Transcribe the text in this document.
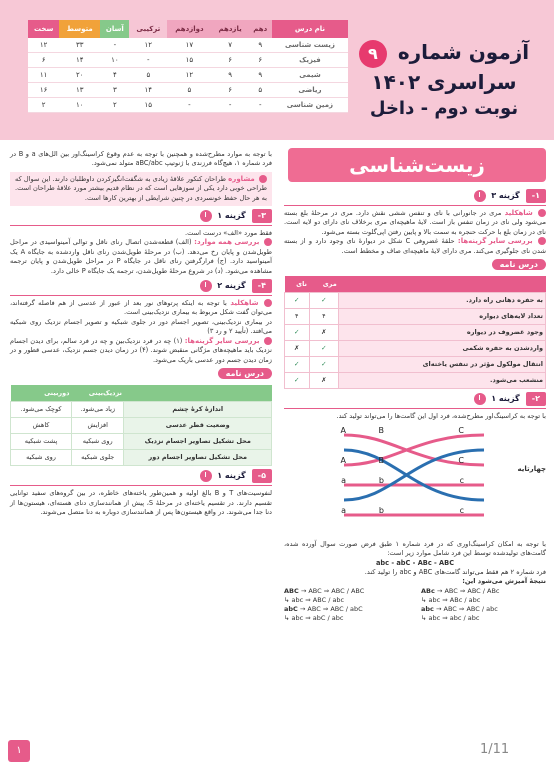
نام درس	دهم	یازدهم	دوازدهم	ترکیبی	آسان	متوسط	سخت
زیست شناسی	۹	۷	۱۷	۱۲	-	۳۳	۱۲
فیزیک	۶	۶	۱۵	-	۱۰	۱۴	۶
شیمی	۹	۹	۱۲	۵	۴	۲۰	۱۱
ریاضی	۵	۶	۵	۱۴	۳	۱۳	۱۶
زمین شناسی	-	-	-	۱۵	۲	۱۰	۲
آزمون شماره ۹
سراسری ۱۴۰۲
نوبت دوم - داخل
زیست‌شناسی
۱- گزینه ۳
شاهکلید مری در جانورانی با نای و تنفس ششی نقش دارد. مری در مرحلهٔ بلع بسته می‌شود ولی نای در زمان تنفس باز است. لایهٔ ماهیچه‌ای مری برخلاف نای دارای دو لایه است. نای در زمان بلع با حرکت حنجره به سمت بالا و پایین رفتن اپی‌گلوت بسته می‌شود.
بررسی سایر گزینه‌ها: حلقهٔ غضروفی C شکل در دیوارهٔ نای وجود دارد و از بسته شدن نای جلوگیری می‌کند. مری دارای لایهٔ ماهیچه‌ای صاف و مخطط است.
درس نامه
	مری	نای
به حفره دهانی راه دارد.	✓	✓
تعداد لایه‌های دیواره	۴	۴
وجود غضروف در دیواره	✗	✓
واردشدن به حفره شکمی	✓	✗
انتقال مولکول مؤثر در تنفس یاخته‌ای	✓	✓
منشعب می‌شود.	✗	✓
۲- گزینه ۱
با توجه به کراسینگ‌اور مطرح‌شده، فرد اول این گامت‌ها را می‌تواند تولید کند.
A	B	C
A	B	C
a	b	c
a	b	c
چهارتایه
با توجه به امکان کراسینگ‌اوری که در فرد شماره ۱ طبق فرض صورت سوال آورده شده، گامت‌های تولیدشده توسط این فرد شامل موارد زیر است:
abc - abC - ABc - ABC
فرد شماره ۲ هم فقط می‌تواند گامت‌های ABC و abc را تولید کند.
نتیجهٔ آمیزش می‌شود این:
ABC → ABC ⇒ ABC / ABC
↳ abc ⇒ ABC / abc
ABc → ABC ⇒ ABC / ABc
↳ abc ⇒ ABc / abc
abC → ABC ⇒ ABC / abC
↳ abc ⇒ abC / abc
abc → ABC ⇒ ABC / abc
↳ abc ⇒ abc / abc
با توجه به موارد مطرح‌شده و همچنین با توجه به عدم وقوع کراسینگ‌اور بین الل‌های a و B در فرد شماره ۱، هیچ‌گاه فرزندی با ژنوتیپ aBC/abc متولد نمی‌شود.
مشاوره طراحان کنکور علاقهٔ زیادی به شگفت‌انگیزکردن داوطلبان دارند. این سوال که طراحی خوبی دارد یکی از سوزهایی است که در نظام قدیم بیشتر مورد علاقهٔ طراحان است. به هر حال حفظ خونسردی در چنین شرایطی از بهترین کارها است.
۳- گزینه ۱
فقط مورد «الف» درست است.
بررسی همه موارد: (الف) قطعه‌شدن اتصال رنای ناقل و توالی آمینواسیدی در مراحل طویل‌شدن و پایان رخ می‌دهد. (ب) در مرحلهٔ طویل‌شدن رنای ناقل واردشده به جایگاه A یک آمینواسید دارد. (ج) فرارگرفتن رنای ناقل در جایگاه P در مراحل طویل‌شدن و پایان ترجمه مشاهده می‌شود. (د) در شروع مرحلهٔ طویل‌شدن، ترجمه یک جایگاه P خالی دارد.
۴- گزینه ۲
شاهکلید با توجه به اینکه پرتوهای نور بعد از عبور از عدسی از هم فاصله گرفته‌اند، می‌توان گفت شکل مربوط به بیماری نزدیک‌بینی است.
در بیماری نزدیک‌بینی، تصویر اجسام دور در جلوی شبکیه و تصویر اجسام نزدیک روی شبکیه می‌افتد. (تأیید ۲ و رد ۳)
بررسی سایر گزینه‌ها: (۱) چه در فرد نزدیک‌بین و چه در فرد سالم، برای دیدن اجسام نزدیک باید ماهیچه‌های مژگانی منقبض شوند. (۴) در زمان دیدن جسم نزدیک، عدسی قطور و در زمان دیدن جسم دور عدسی باریک می‌شود.
درس نامه
	نزدیک‌بینی	دوربینی
اندازهٔ کرهٔ چشم	زیاد می‌شود.	کوچک می‌شود.
وضعیت قطر عدسی	افزایش	کاهش
محل تشکیل تصاویر اجسام نزدیک	روی شبکیه	پشت شبکیه
محل تشکیل تصاویر اجسام دور	جلوی شبکیه	روی شبکیه
۵- گزینه ۱
لنفوسیت‌های T و B بالغ اولیه و همین‌طور یاخته‌های خاطره، در بین گروه‌های سفید توانایی تقسیم دارند. در تقسیم یاخته‌ای در مرحلهٔ S، پیش از همانندسازی دنای هسته‌ای، هیستون‌ها از دنا جدا می‌شوند. در واقع هیستون‌ها پس از همانندسازی دوباره به دنا متصل می‌شوند.
۱	1/11
